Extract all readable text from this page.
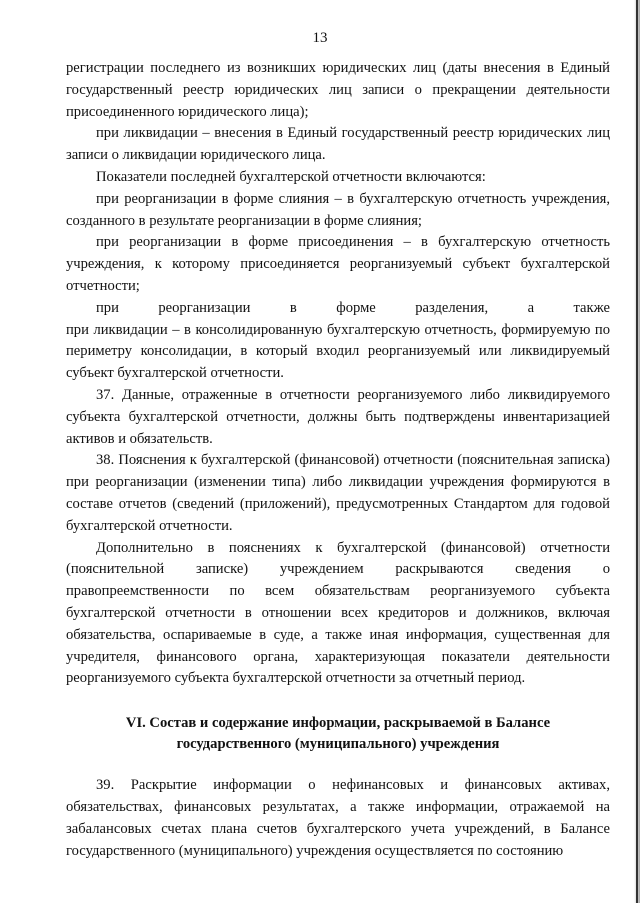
13

регистрации последнего из возникших юридических лиц (даты внесения в Единый государственный реестр юридических лиц записи о прекращении деятельности присоединенного юридического лица);

при ликвидации – внесения в Единый государственный реестр юридических лиц записи о ликвидации юридического лица.

Показатели последней бухгалтерской отчетности включаются:

при реорганизации в форме слияния – в бухгалтерскую отчетность учреждения, созданного в результате реорганизации в форме слияния;

при реорганизации в форме присоединения – в бухгалтерскую отчетность учреждения, к которому присоединяется реорганизуемый субъект бухгалтерской отчетности;

при реорганизации в форме разделения, а также

при ликвидации – в консолидированную бухгалтерскую отчетность, формируемую по периметру консолидации, в который входил реорганизуемый или ликвидируемый субъект бухгалтерской отчетности.

37. Данные, отраженные в отчетности реорганизуемого либо ликвидируемого субъекта бухгалтерской отчетности, должны быть подтверждены инвентаризацией активов и обязательств.

38. Пояснения к бухгалтерской (финансовой) отчетности (пояснительная записка) при реорганизации (изменении типа) либо ликвидации учреждения формируются в составе отчетов (сведений (приложений), предусмотренных Стандартом для годовой бухгалтерской отчетности.

Дополнительно в пояснениях к бухгалтерской (финансовой) отчетности (пояснительной записке) учреждением раскрываются сведения о правопреемственности по всем обязательствам реорганизуемого субъекта бухгалтерской отчетности в отношении всех кредиторов и должников, включая обязательства, оспариваемые в суде, а также иная информация, существенная для учредителя, финансового органа, характеризующая показатели деятельности реорганизуемого субъекта бухгалтерской отчетности за отчетный период.

VI. Состав и содержание информации, раскрываемой в Балансе
государственного (муниципального) учреждения

39. Раскрытие информации о нефинансовых и финансовых активах, обязательствах, финансовых результатах, а также информации, отражаемой на забалансовых счетах плана счетов бухгалтерского учета учреждений, в Балансе государственного (муниципального) учреждения осуществляется по состоянию
